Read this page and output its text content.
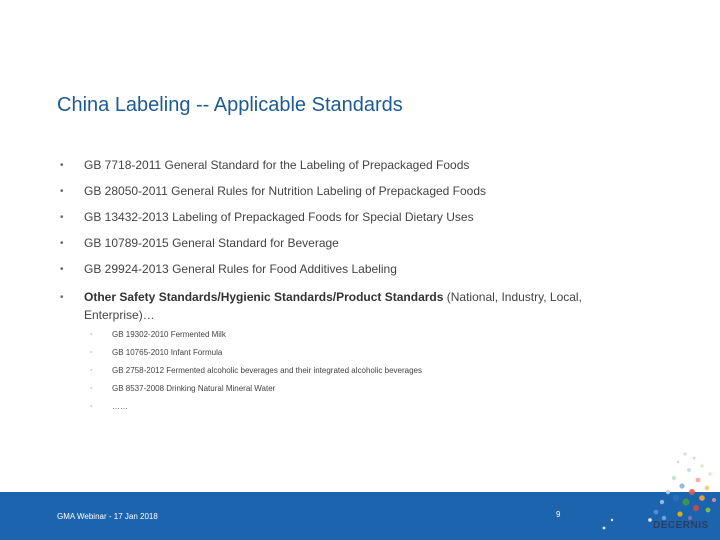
China Labeling -- Applicable Standards
• GB 7718-2011 General Standard for the Labeling of Prepackaged Foods
• GB 28050-2011 General Rules for Nutrition Labeling of Prepackaged Foods
• GB 13432-2013 Labeling of Prepackaged Foods for Special Dietary Uses
• GB 10789-2015 General Standard for Beverage
• GB 29924-2013 General Rules for Food Additives Labeling
• Other Safety Standards/Hygienic Standards/Product Standards (National, Industry, Local, Enterprise)…
◦ GB 19302-2010 Fermented Milk
◦ GB 10765-2010 Infant Formula
◦ GB 2758-2012 Fermented alcoholic beverages and their integrated alcoholic beverages
◦ GB 8537-2008 Drinking Natural Mineral Water
◦ ……
GMA Webinar - 17 Jan 2018	9
DECERNIS
